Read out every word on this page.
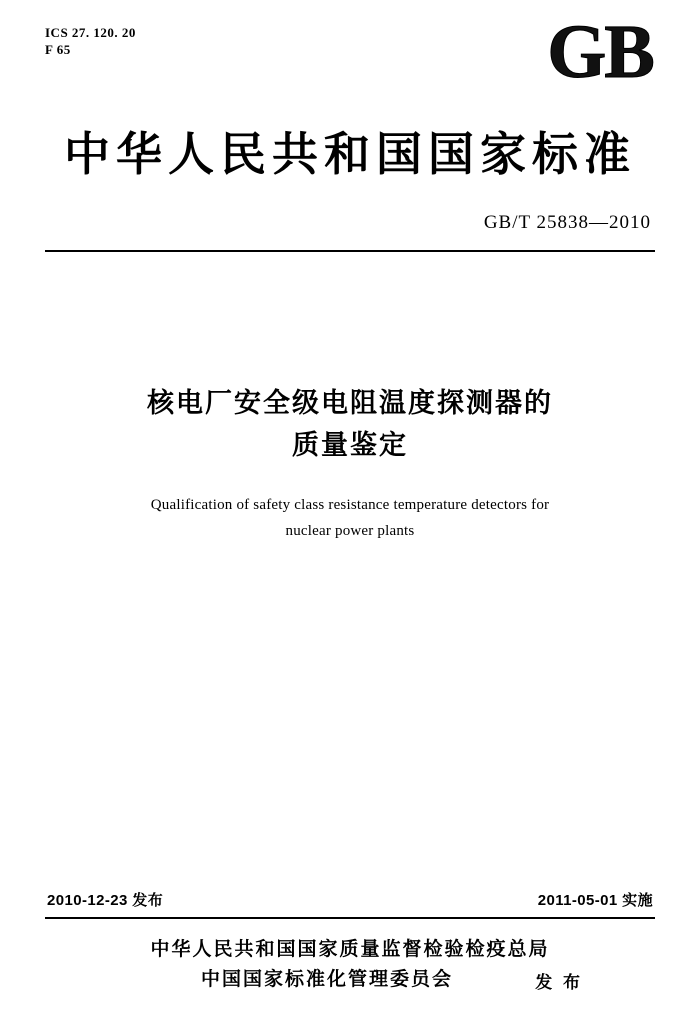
ICS 27. 120. 20
F 65	GB
中华人民共和国国家标准
GB/T 25838—2010
核电厂安全级电阻温度探测器的
质量鉴定
Qualification of safety class resistance temperature detectors for
nuclear power plants
2010-12-23 发布	2011-05-01 实施
中华人民共和国国家质量监督检验检疫总局
中国国家标准化管理委员会	发 布
